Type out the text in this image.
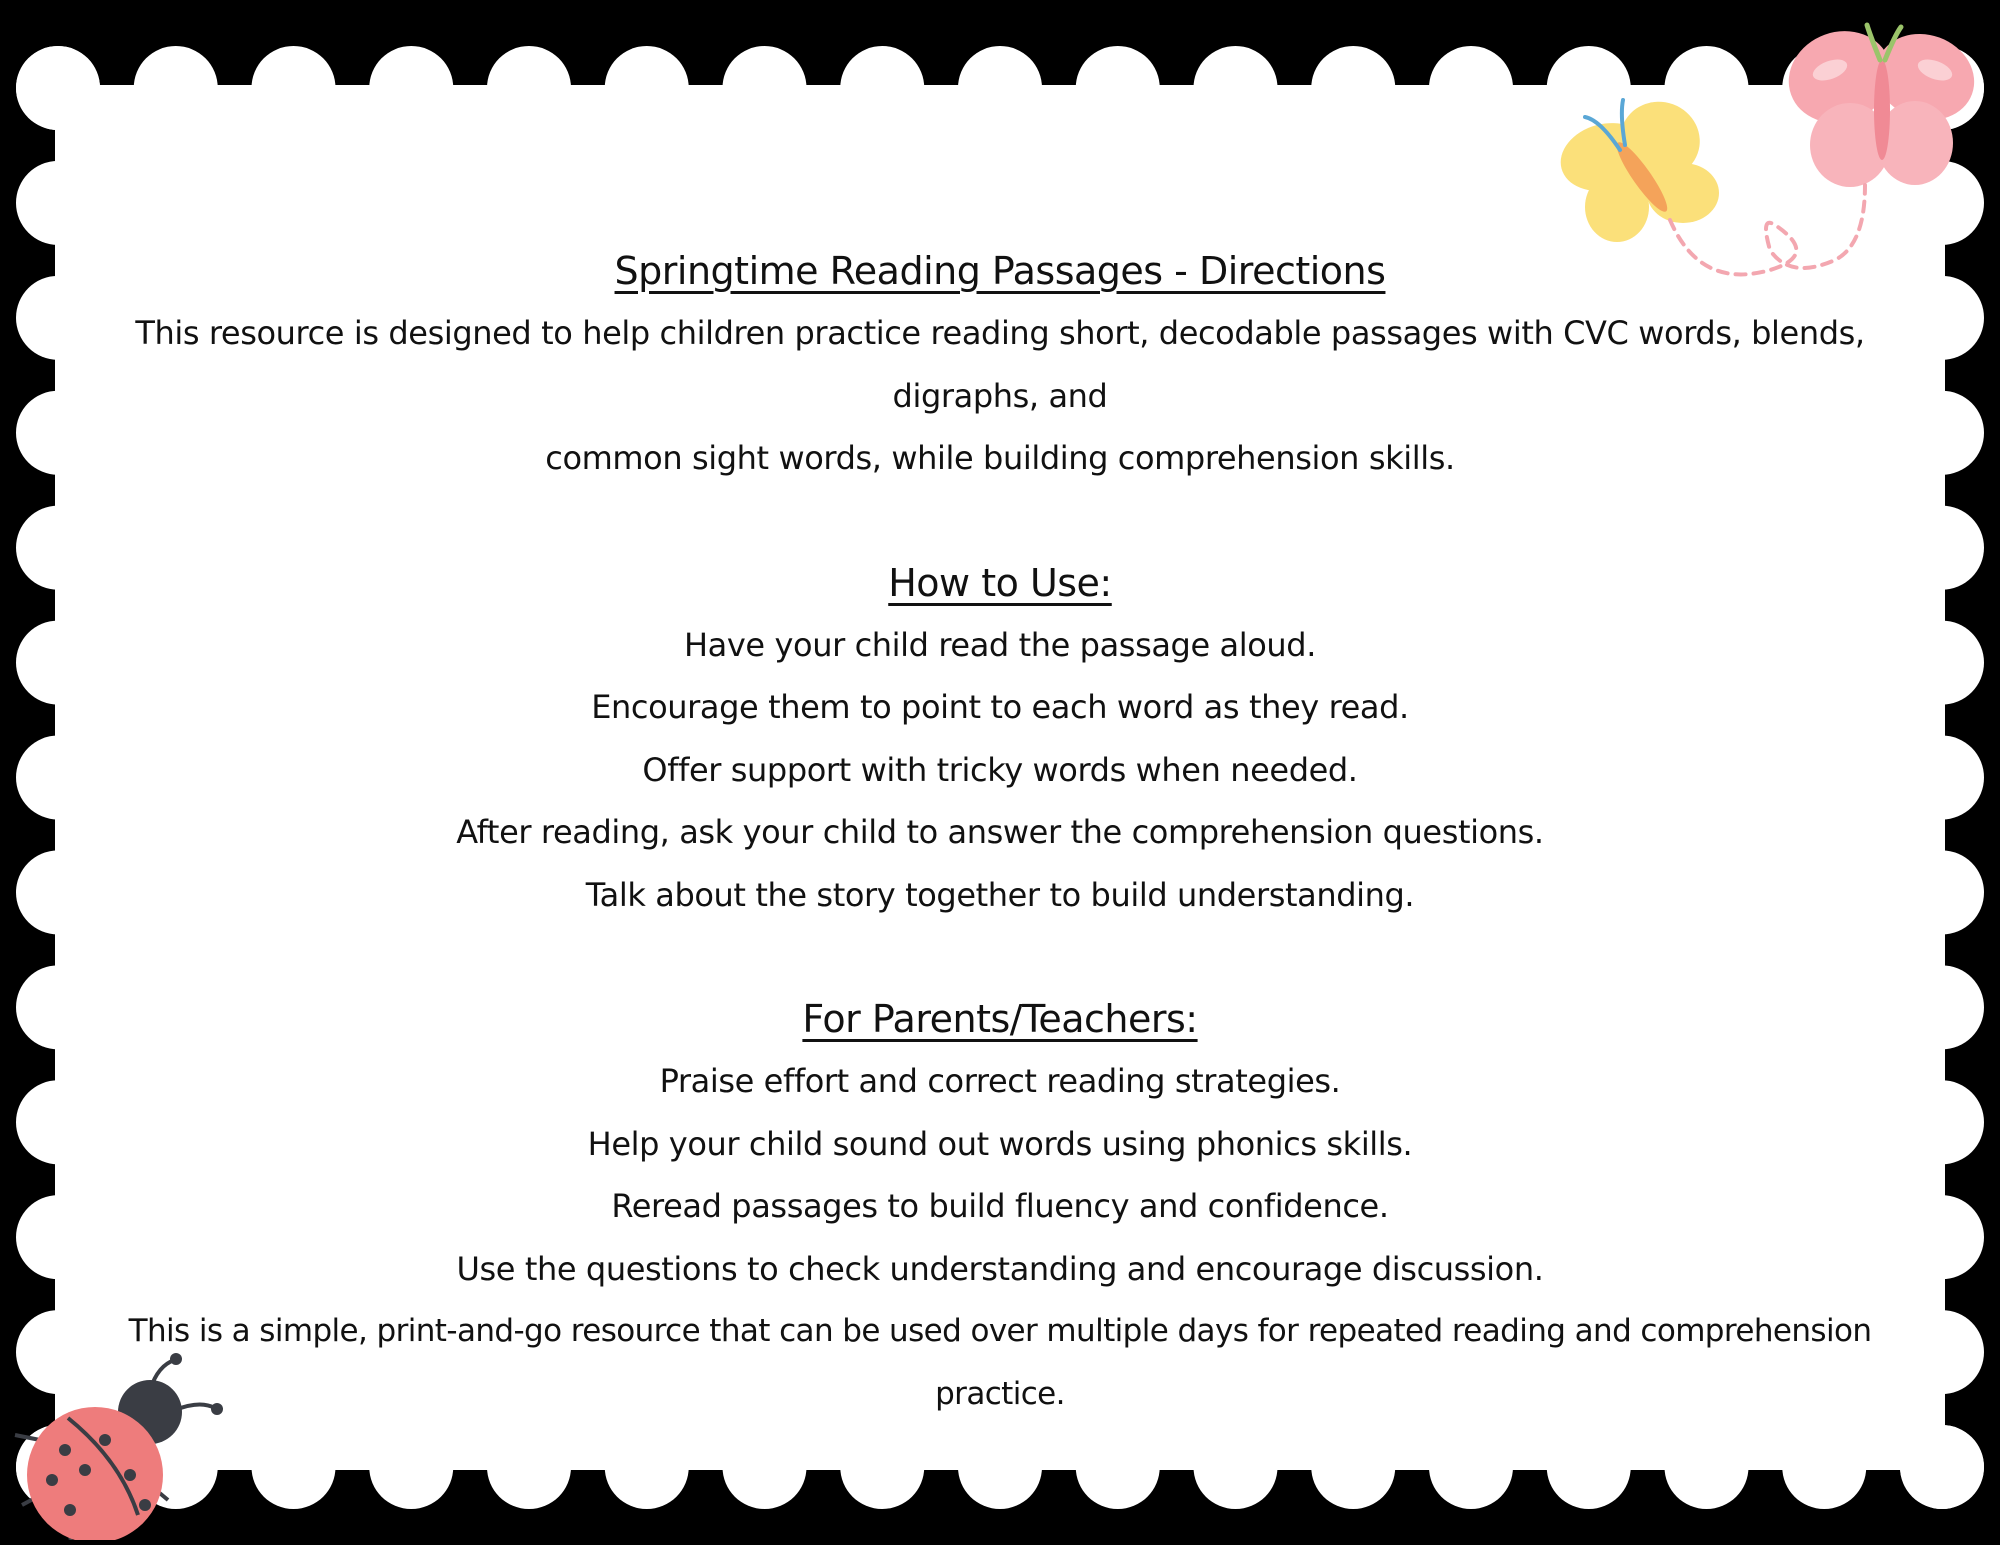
Springtime Reading Passages - Directions

This resource is designed to help children practice reading short, decodable passages with CVC words, blends, digraphs, and

common sight words, while building comprehension skills.

How to Use:

Have your child read the passage aloud.

Encourage them to point to each word as they read.

Offer support with tricky words when needed.

After reading, ask your child to answer the comprehension questions.

Talk about the story together to build understanding.

For Parents/Teachers:

Praise effort and correct reading strategies.

Help your child sound out words using phonics skills.

Reread passages to build fluency and confidence.

Use the questions to check understanding and encourage discussion.

This is a simple, print-and-go resource that can be used over multiple days for repeated reading and comprehension practice.
